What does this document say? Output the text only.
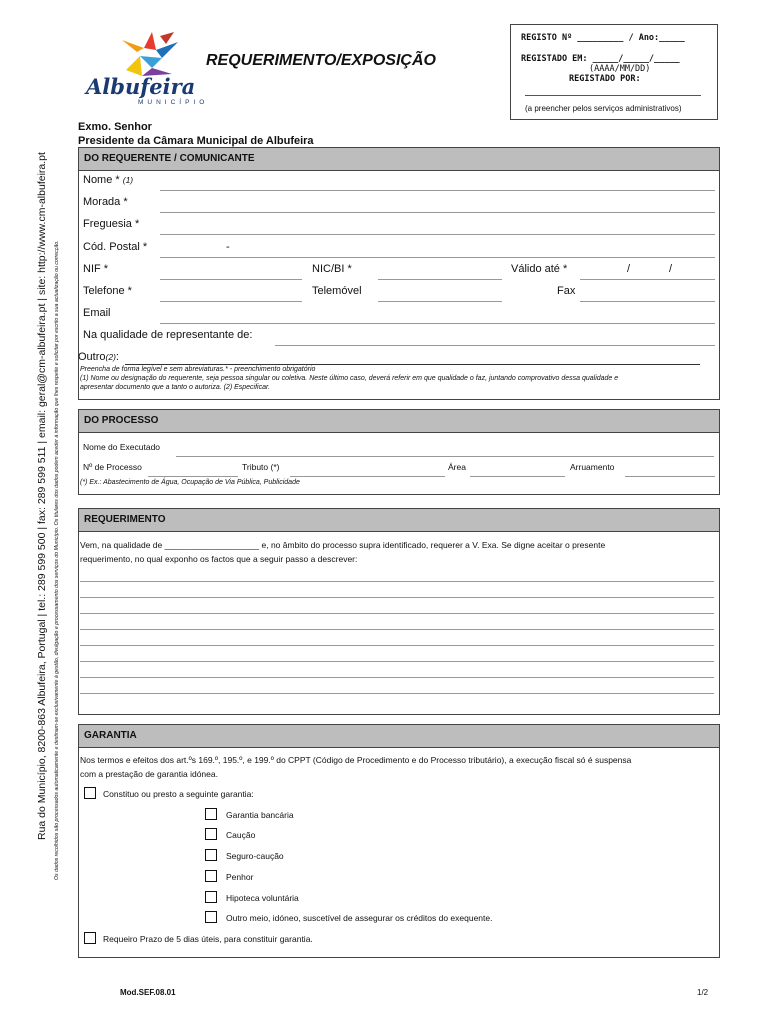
Rua do Município, 8200-863 Albufeira, Portugal | tel.: 289 599 500 | fax: 289 599 511 | email: geral@cm-albufeira.pt | site: http://www.cm-albufeira.pt Os dados recolhidos são processados automaticamente e destinam-se exclusivamente à gestão, divulgação e processamento dos serviços do Município. Os titulares dos dados podem aceder à informação que lhes respeite e solicitar por escrito a sua actualização ou correcção.
Albufeira
MUNICÍPIO
REQUERIMENTO/EXPOSIÇÃO
REGISTO Nº _________ / Ano:_____
REGISTADO EM: _____/_____/_____
(AAAA/MM/DD)
REGISTADO POR:
(a preencher pelos serviços administrativos)
Exmo. Senhor
Presidente da Câmara Municipal de Albufeira
DO REQUERENTE / COMUNICANTE
Nome * (1)
Morada *
Freguesia *
Cód. Postal *	-
NIF *	NIC/BI *	Válido até *	/	/
Telefone *	Telemóvel	Fax
Email
Na qualidade de representante de:
Outro(2):
Preencha de forma legível e sem abreviaturas.* - preenchimento obrigatório
(1) Nome ou designação do requerente, seja pessoa singular ou coletiva. Neste último caso, deverá referir em que qualidade o faz, juntando comprovativo dessa qualidade e
apresentar documento que a tanto o autoriza. (2) Especificar.
DO PROCESSO
Nome do Executado
Nº de Processo	Tributo (*)	Área	Arruamento
(*) Ex.: Abastecimento de Água, Ocupação de Via Pública, Publicidade
REQUERIMENTO
Vem, na qualidade de ____________________ e, no âmbito do processo supra identificado, requerer a V. Exa. Se digne aceitar o presente
requerimento, no qual exponho os factos que a seguir passo a descrever:
GARANTIA
Nos termos e efeitos dos art.ºs 169.º, 195.º, e 199.º do CPPT (Código de Procedimento e do Processo tributário), a execução fiscal só é suspensa
com a prestação de garantia idónea.
Constituo ou presto a seguinte garantia:
Garantia bancária
Caução
Seguro-caução
Penhor
Hipoteca voluntária
Outro meio, idóneo, suscetível de assegurar os créditos do exequente.
Requeiro Prazo de 5 dias úteis, para constituir garantia.
Mod.SEF.08.01	1/2
